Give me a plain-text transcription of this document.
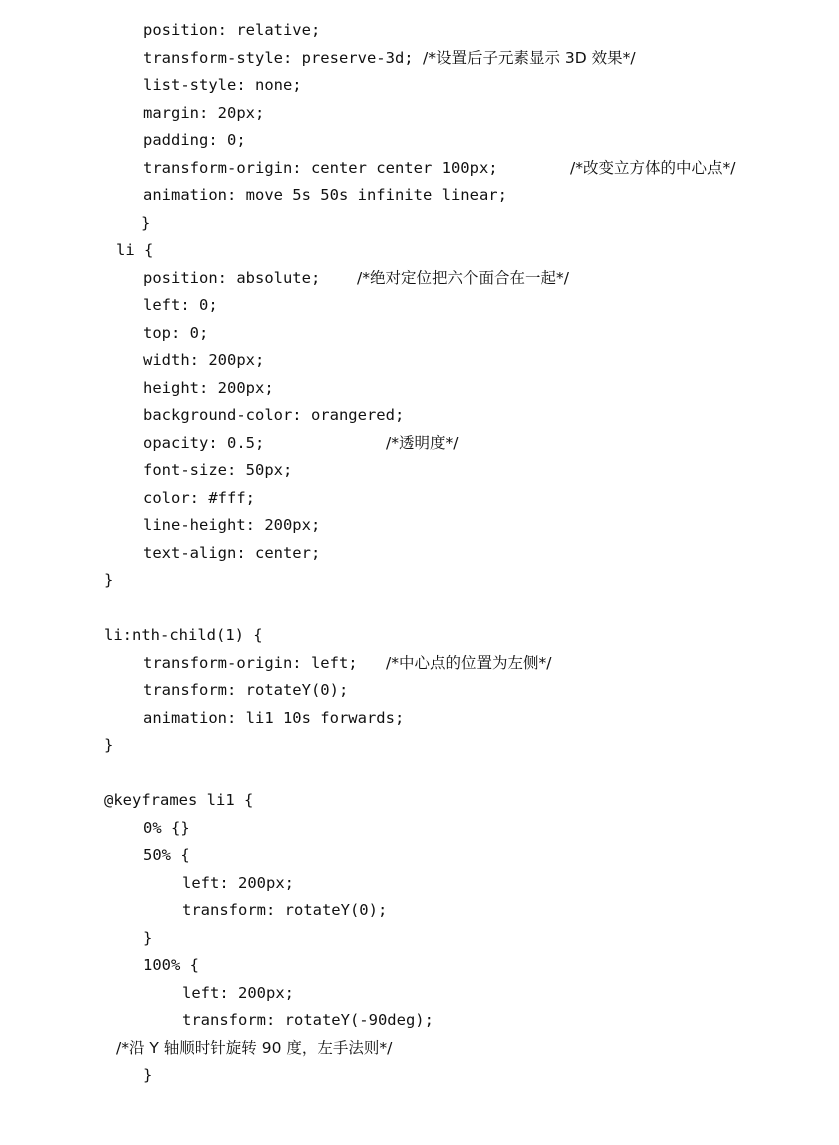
position: relative;
transform-style: preserve-3d; /*设置后子元素显示 3D 效果*/
list-style: none;
margin: 20px;
padding: 0;
transform-origin: center center 100px;	/*改变立方体的中心点*/
animation: move 5s 50s infinite linear;
}
li {
position: absolute; /*绝对定位把六个面合在一起*/
left: 0;
top: 0;
width: 200px;
height: 200px;
background-color: orangered;
opacity: 0.5;	/*透明度*/
font-size: 50px;
color: #fff;
line-height: 200px;
text-align: center;
}
li:nth-child(1) {
transform-origin: left; /*中心点的位置为左侧*/
transform: rotateY(0);
animation: li1 10s forwards;
}
@keyframes li1 {
0% {}
50% {
left: 200px;
transform: rotateY(0);
}
100% {
left: 200px;
transform: rotateY(-90deg);
/*沿 Y 轴顺时针旋转 90 度，左手法则*/
}
